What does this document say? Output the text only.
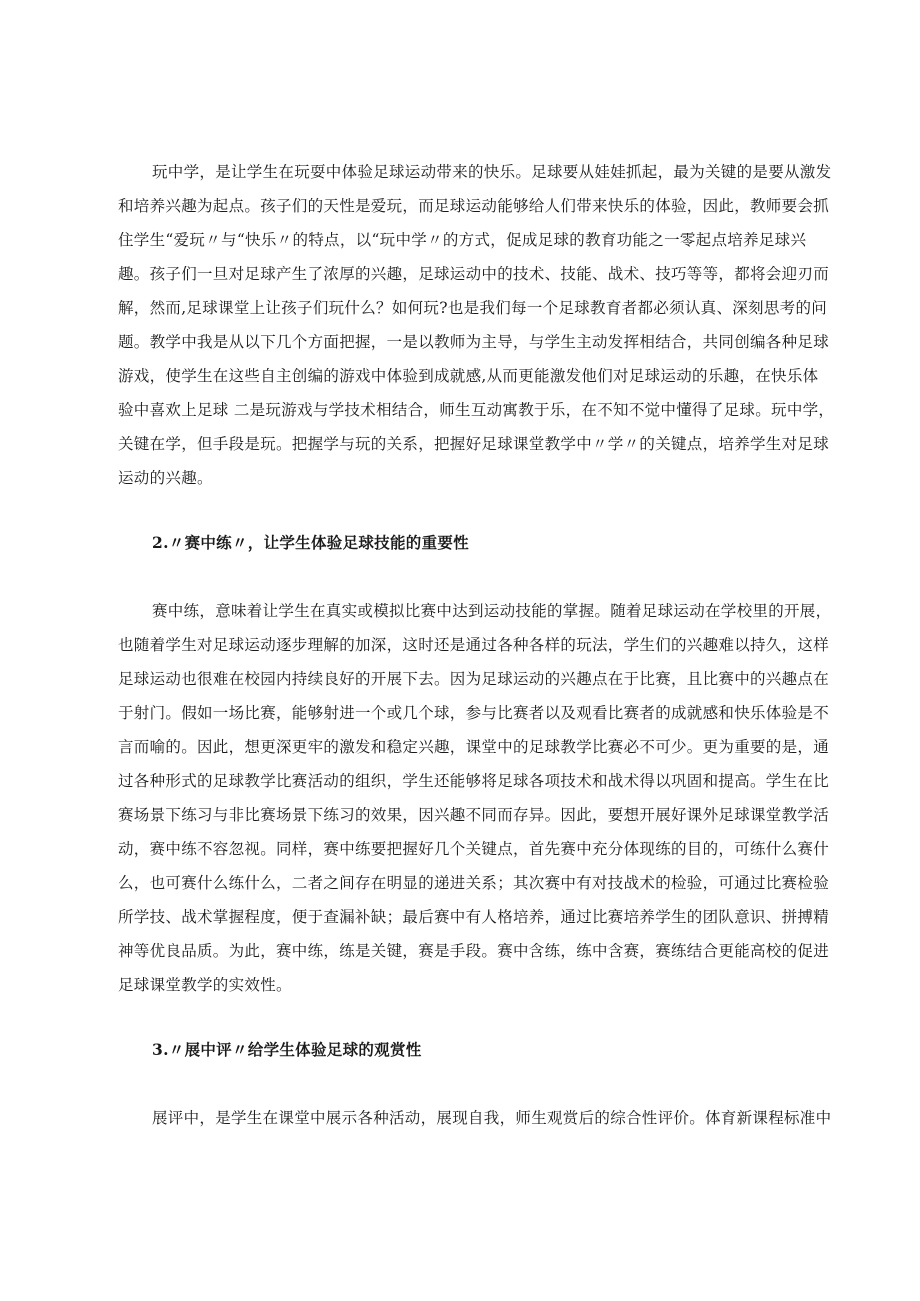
玩中学，是让学生在玩耍中体验足球运动带来的快乐。足球要从娃娃抓起，最为关键的是要从激发

和培养兴趣为起点。孩子们的天性是爱玩，而足球运动能够给人们带来快乐的体验，因此，教师要会抓

住学生“爱玩〃与“快乐〃的特点，以“玩中学〃的方式，促成足球的教育功能之一零起点培养足球兴

趣。孩子们一旦对足球产生了浓厚的兴趣，足球运动中的技术、技能、战术、技巧等等，都将会迎刃而

解，然而,足球课堂上让孩子们玩什么？如何玩?也是我们每一个足球教育者都必须认真、深刻思考的问

题。教学中我是从以下几个方面把握，一是以教师为主导，与学生主动发挥相结合，共同创编各种足球

游戏，使学生在这些自主创编的游戏中体验到成就感,从而更能激发他们对足球运动的乐趣，在快乐体

验中喜欢上足球 二是玩游戏与学技术相结合，师生互动寓教于乐，在不知不觉中懂得了足球。玩中学，

关键在学，但手段是玩。把握学与玩的关系，把握好足球课堂教学中〃学〃的关键点，培养学生对足球

运动的兴趣。

2.〃赛中练〃，让学生体验足球技能的重要性

赛中练，意味着让学生在真实或模拟比赛中达到运动技能的掌握。随着足球运动在学校里的开展，

也随着学生对足球运动逐步理解的加深，这时还是通过各种各样的玩法，学生们的兴趣难以持久，这样

足球运动也很难在校园内持续良好的开展下去。因为足球运动的兴趣点在于比赛，且比赛中的兴趣点在

于射门。假如一场比赛，能够射进一个或几个球，参与比赛者以及观看比赛者的成就感和快乐体验是不

言而喻的。因此，想更深更牢的激发和稳定兴趣，课堂中的足球教学比赛必不可少。更为重要的是，通

过各种形式的足球教学比赛活动的组织，学生还能够将足球各项技术和战术得以巩固和提高。学生在比

赛场景下练习与非比赛场景下练习的效果，因兴趣不同而存异。因此，要想开展好课外足球课堂教学活

动，赛中练不容忽视。同样，赛中练要把握好几个关键点，首先赛中充分体现练的目的，可练什么赛什

么，也可赛什么练什么，二者之间存在明显的递进关系；其次赛中有对技战术的检验，可通过比赛检验

所学技、战术掌握程度，便于查漏补缺；最后赛中有人格培养，通过比赛培养学生的团队意识、拼搏精

神等优良品质。为此，赛中练，练是关键，赛是手段。赛中含练，练中含赛，赛练结合更能高校的促进

足球课堂教学的实效性。

3.〃展中评〃给学生体验足球的观赏性

展评中，是学生在课堂中展示各种活动，展现自我，师生观赏后的综合性评价。体育新课程标准中
